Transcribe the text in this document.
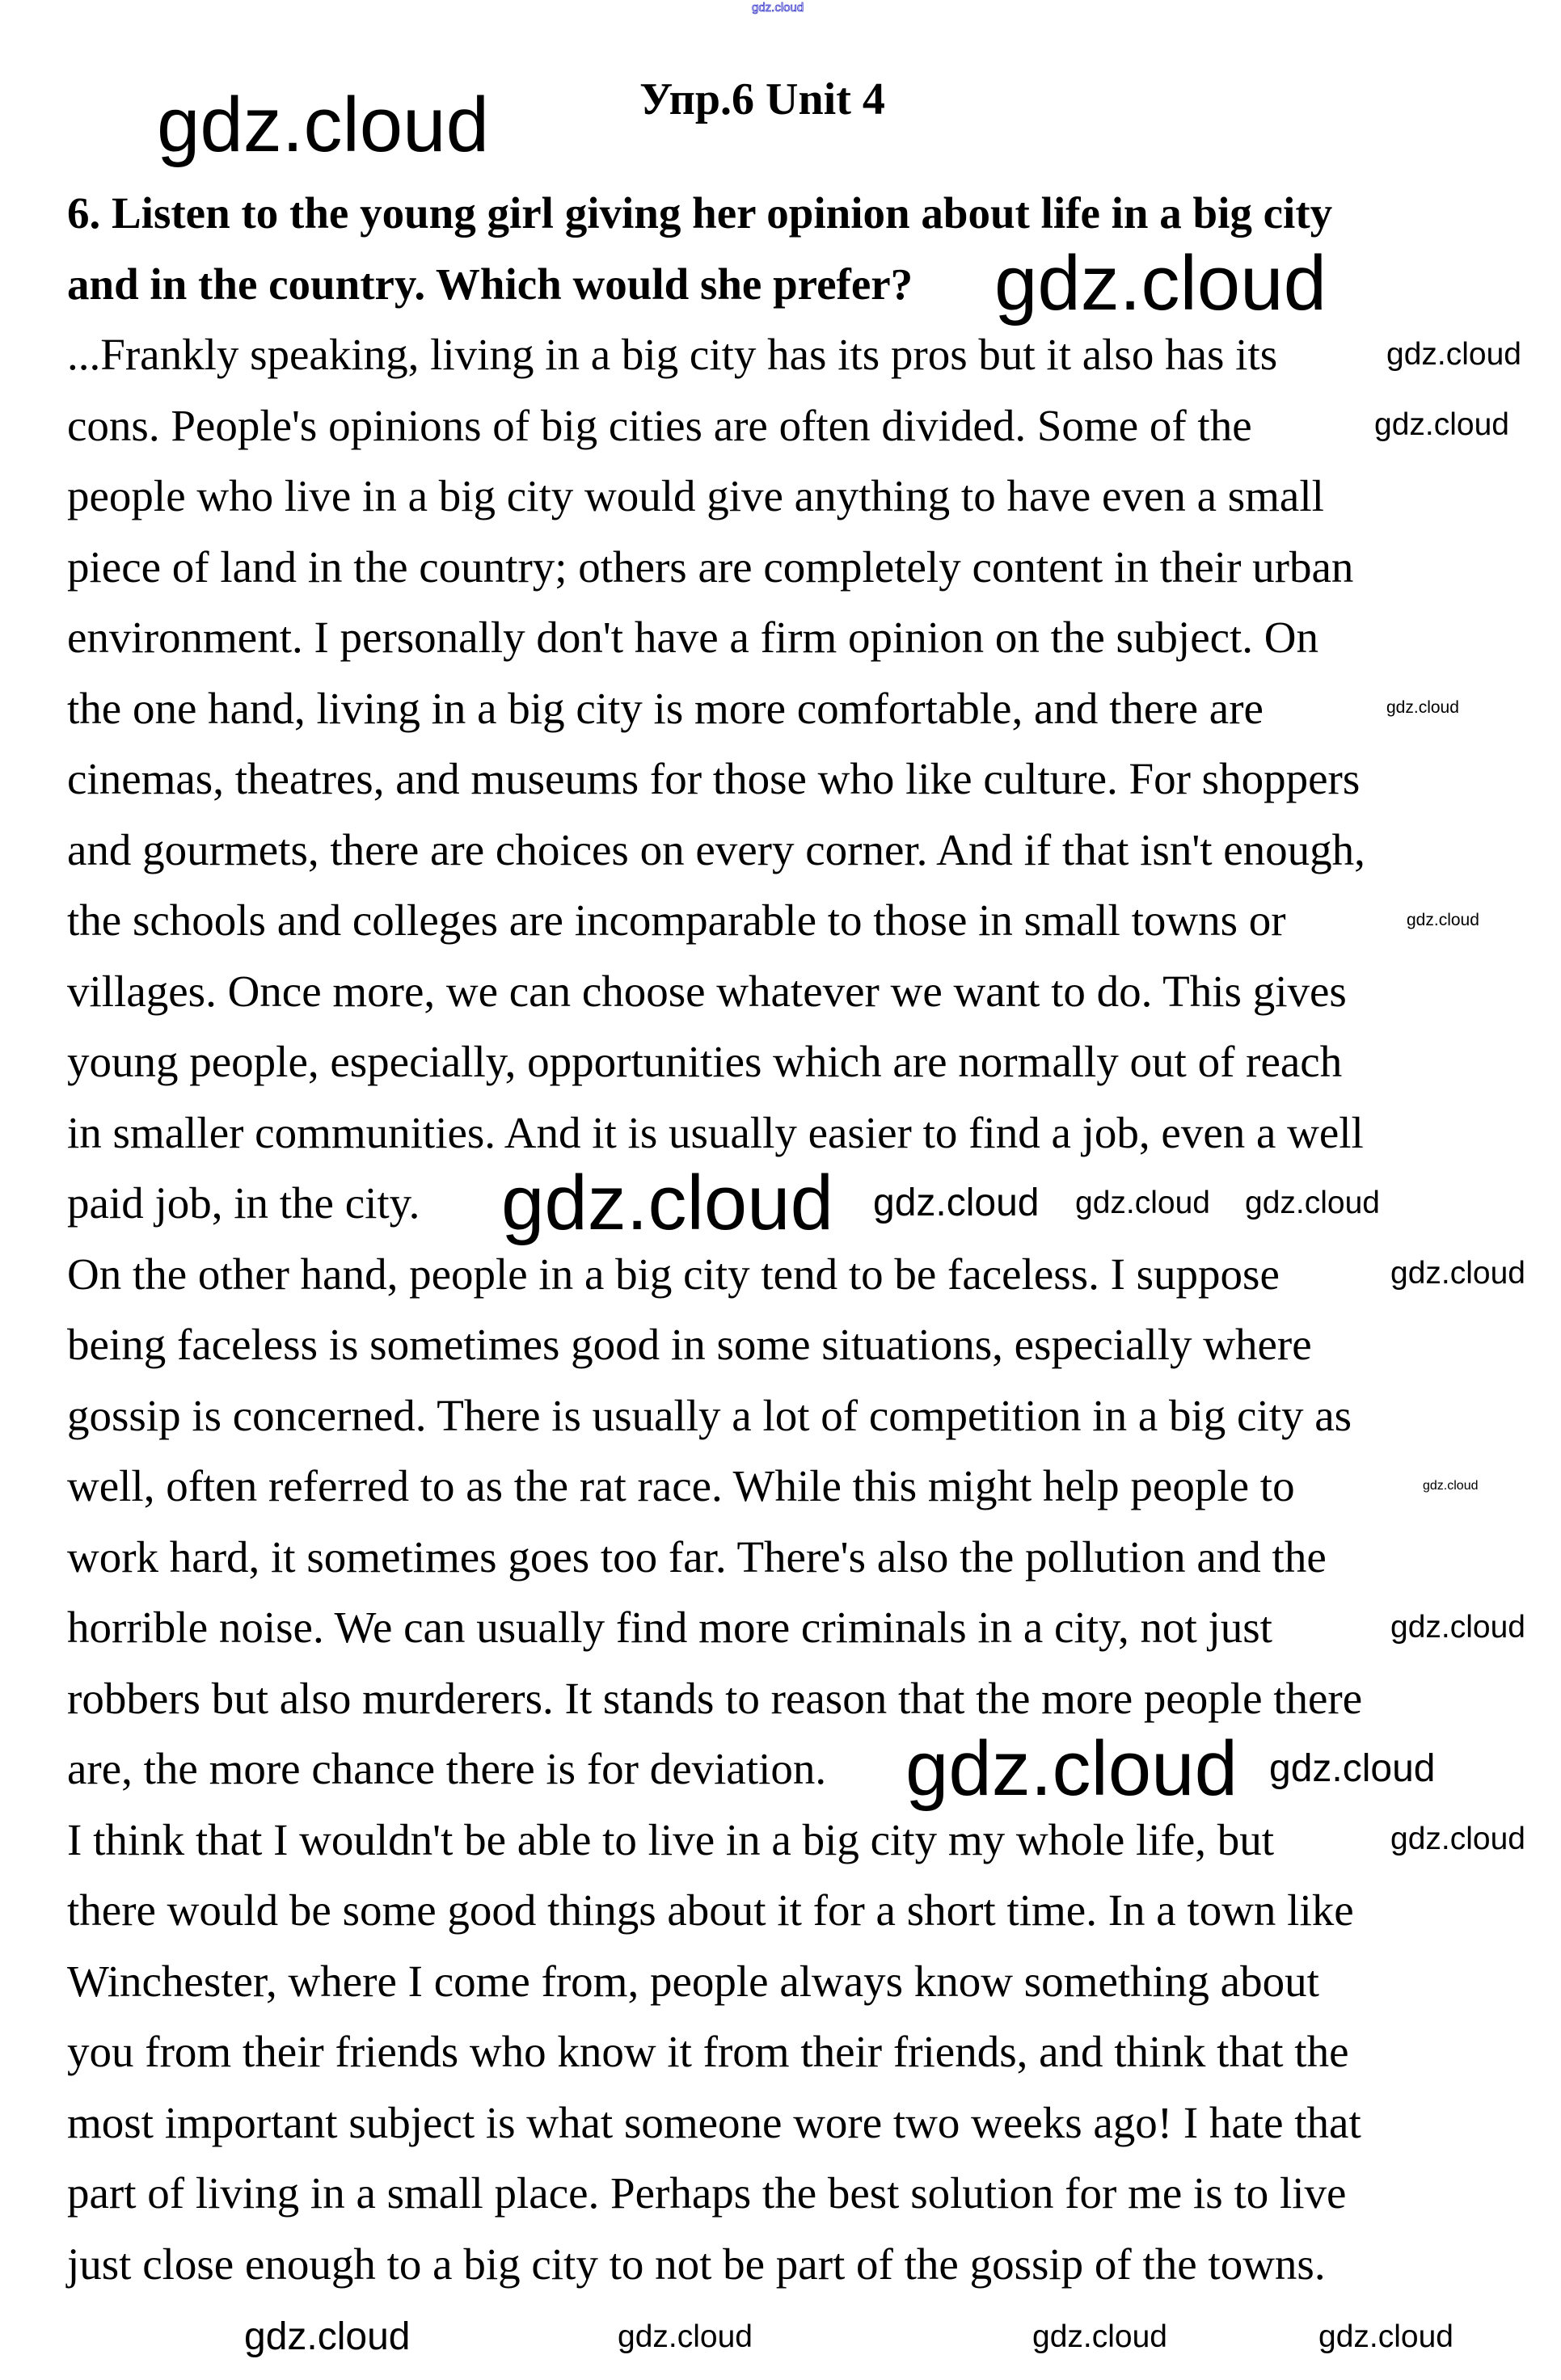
gdz.cloud
Упр.6 Unit 4
6. Listen to the young girl giving her opinion about life in a big city
and in the country. Which would she prefer?
...Frankly speaking, living in a big city has its pros but it also has its
cons. People's opinions of big cities are often divided. Some of the
people who live in a big city would give anything to have even a small
piece of land in the country; others are completely content in their urban
environment. I personally don't have a firm opinion on the subject. On
the one hand, living in a big city is more comfortable, and there are
cinemas, theatres, and museums for those who like culture. For shoppers
and gourmets, there are choices on every corner. And if that isn't enough,
the schools and colleges are incomparable to those in small towns or
villages. Once more, we can choose whatever we want to do. This gives
young people, especially, opportunities which are normally out of reach
in smaller communities. And it is usually easier to find a job, even a well
paid job, in the city.
On the other hand, people in a big city tend to be faceless. I suppose
being faceless is sometimes good in some situations, especially where
gossip is concerned. There is usually a lot of competition in a big city as
well, often referred to as the rat race. While this might help people to
work hard, it sometimes goes too far. There's also the pollution and the
horrible noise. We can usually find more criminals in a city, not just
robbers but also murderers. It stands to reason that the more people there
are, the more chance there is for deviation.
I think that I wouldn't be able to live in a big city my whole life, but
there would be some good things about it for a short time. In a town like
Winchester, where I come from, people always know something about
you from their friends who know it from their friends, and think that the
most important subject is what someone wore two weeks ago! I hate that
part of living in a small place. Perhaps the best solution for me is to live
just close enough to a big city to not be part of the gossip of the towns.
gdz.cloud
gdz.cloud
gdz.cloud
gdz.cloud
gdz.cloud
gdz.cloud
gdz.cloud gdz.cloud gdz.cloud gdz.cloud
gdz.cloud
gdz.cloud
gdz.cloud
gdz.cloud gdz.cloud
gdz.cloud
gdz.cloud	gdz.cloud	gdz.cloud	gdz.cloud
